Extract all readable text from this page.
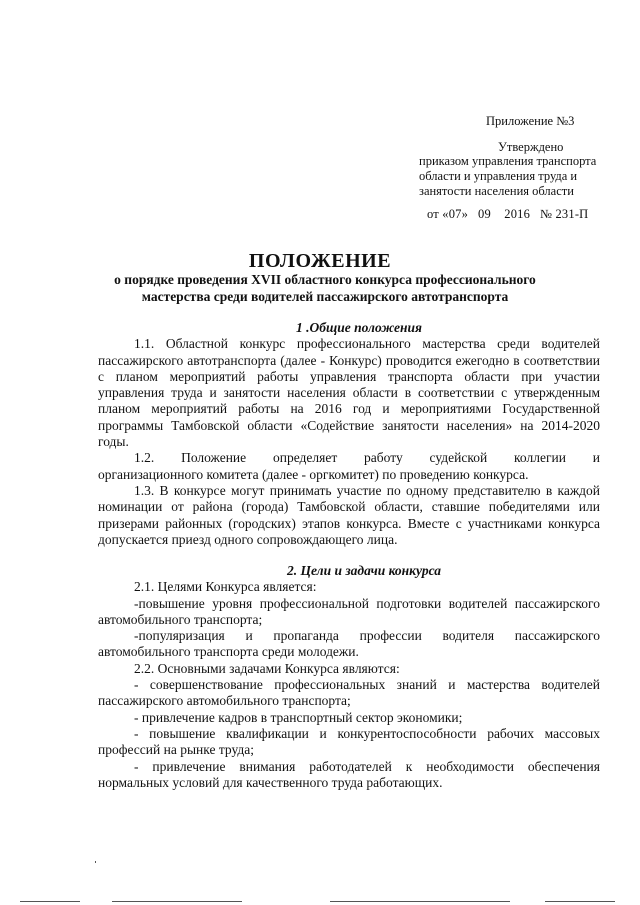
Приложение №3
Утверждено
приказом управления транспорта
области и управления труда и
занятости населения области
от «07»   09    2016   № 231-П
ПОЛОЖЕНИЕ
о порядке проведения XVII областного конкурса профессионального
мастерства среди водителей пассажирского автотранспорта
1 .Общие положения

1.1. Областной конкурс профессионального мастерства среди водителей пассажирского автотранспорта (далее - Конкурс) проводится ежегодно в соответствии с планом мероприятий работы управления транспорта области при участии управления труда и занятости населения области в соответствии с утвержденным планом мероприятий работы на 2016 год и мероприятиями Государственной программы Тамбовской области «Содействие занятости населения» на 2014-2020 годы.

1.2.     Положение     определяет     работу     судейской     коллегии     и организационного комитета (далее - оргкомитет) по проведению конкурса.

1.3. В конкурсе могут принимать участие по одному представителю в каждой номинации от района (города) Тамбовской области, ставшие победителями или призерами районных (городских) этапов конкурса. Вместе с участниками конкурса допускается приезд одного сопровождающего лица.

2. Цели и задачи конкурса

2.1. Целями Конкурса является:

-повышение уровня профессиональной подготовки водителей пассажирского автомобильного транспорта;

-популяризация и пропаганда профессии водителя пассажирского автомобильного транспорта среди молодежи.

2.2. Основными задачами Конкурса являются:

- совершенствование профессиональных знаний и мастерства водителей пассажирского автомобильного транспорта;

- привлечение кадров в транспортный сектор экономики;

- повышение квалификации и конкурентоспособности рабочих массовых профессий на рынке труда;

- привлечение внимания работодателей к необходимости обеспечения нормальных условий для качественного труда работающих.
